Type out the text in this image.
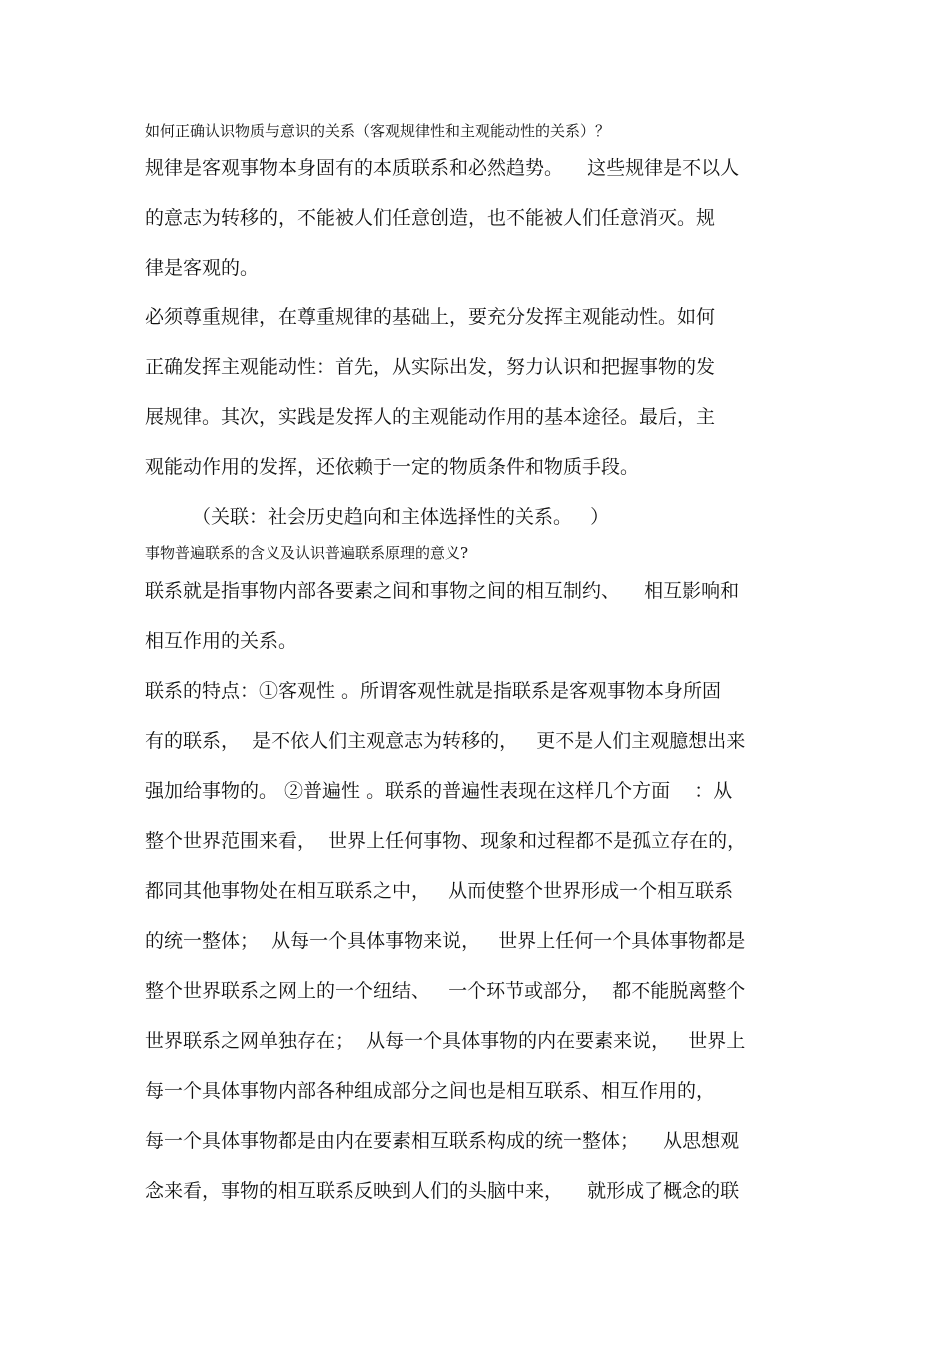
如何正确认识物质与意识的关系（客观规律性和主观能动性的关系）？
规律是客观事物本身固有的本质联系和必然趋势。    这些规律是不以人
的意志为转移的，不能被人们任意创造，也不能被人们任意消灭。规
律是客观的。
必须尊重规律，在尊重规律的基础上，要充分发挥主观能动性。如何
正确发挥主观能动性：首先，从实际出发，努力认识和把握事物的发
展规律。其次，实践是发挥人的主观能动作用的基本途径。最后，主
观能动作用的发挥，还依赖于一定的物质条件和物质手段。
（关联：社会历史趋向和主体选择性的关系。   ）
事物普遍联系的含义及认识普遍联系原理的意义?
联系就是指事物内部各要素之间和事物之间的相互制约、    相互影响和
相互作用的关系。
联系的特点：①客观性 。所谓客观性就是指联系是客观事物本身所固
有的联系，  是不依人们主观意志为转移的，   更不是人们主观臆想出来
强加给事物的。 ②普遍性 。联系的普遍性表现在这样几个方面    ：从
整个世界范围来看，  世界上任何事物、现象和过程都不是孤立存在的，
都同其他事物处在相互联系之中，   从而使整个世界形成一个相互联系
的统一整体；  从每一个具体事物来说，   世界上任何一个具体事物都是
整个世界联系之网上的一个纽结、   一个环节或部分，  都不能脱离整个
世界联系之网单独存在；  从每一个具体事物的内在要素来说，   世界上
每一个具体事物内部各种组成部分之间也是相互联系、相互作用的，
每一个具体事物都是由内在要素相互联系构成的统一整体；    从思想观
念来看，事物的相互联系反映到人们的头脑中来，    就形成了概念的联
